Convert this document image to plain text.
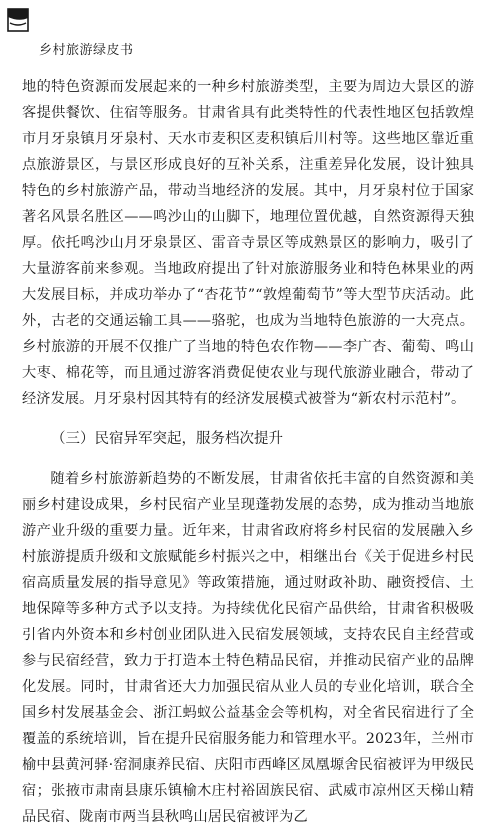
乡村旅游绿皮书

地的特色资源而发展起来的一种乡村旅游类型，主要为周边大景区的游客提供餐饮、住宿等服务。甘肃省具有此类特性的代表性地区包括敦煌市月牙泉镇月牙泉村、天水市麦积区麦积镇后川村等。这些地区靠近重点旅游景区，与景区形成良好的互补关系，注重差异化发展，设计独具特色的乡村旅游产品，带动当地经济的发展。其中，月牙泉村位于国家著名风景名胜区——鸣沙山的山脚下，地理位置优越，自然资源得天独厚。依托鸣沙山月牙泉景区、雷音寺景区等成熟景区的影响力，吸引了大量游客前来参观。当地政府提出了针对旅游服务业和特色林果业的两大发展目标，并成功举办了“杏花节”“敦煌葡萄节”等大型节庆活动。此外，古老的交通运输工具——骆驼，也成为当地特色旅游的一大亮点。乡村旅游的开展不仅推广了当地的特色农作物——李广杏、葡萄、鸣山大枣、棉花等，而且通过游客消费促使农业与现代旅游业融合，带动了经济发展。月牙泉村因其特有的经济发展模式被誉为“新农村示范村”。

（三）民宿异军突起，服务档次提升

随着乡村旅游新趋势的不断发展，甘肃省依托丰富的自然资源和美丽乡村建设成果，乡村民宿产业呈现蓬勃发展的态势，成为推动当地旅游产业升级的重要力量。近年来，甘肃省政府将乡村民宿的发展融入乡村旅游提质升级和文旅赋能乡村振兴之中，相继出台《关于促进乡村民宿高质量发展的指导意见》等政策措施，通过财政补助、融资授信、土地保障等多种方式予以支持。为持续优化民宿产品供给，甘肃省积极吸引省内外资本和乡村创业团队进入民宿发展领域，支持农民自主经营或参与民宿经营，致力于打造本土特色精品民宿，并推动民宿产业的品牌化发展。同时，甘肃省还大力加强民宿从业人员的专业化培训，联合全国乡村发展基金会、浙江蚂蚁公益基金会等机构，对全省民宿进行了全覆盖的系统培训，旨在提升民宿服务能力和管理水平。2023年，兰州市榆中县黄河驿·窑洞康养民宿、庆阳市西峰区凤凰塬舍民宿被评为甲级民宿；张掖市肃南县康乐镇榆木庄村裕固族民宿、武威市凉州区天梯山精品民宿、陇南市两当县秋鸣山居民宿被评为乙
